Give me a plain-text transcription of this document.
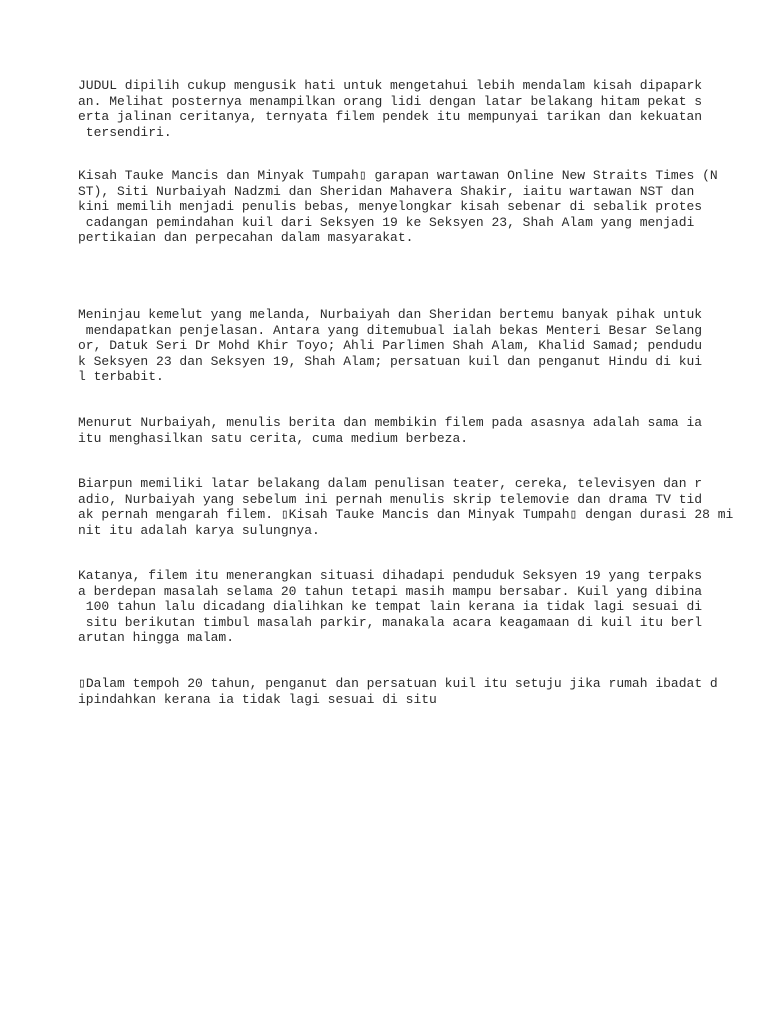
JUDUL dipilih cukup mengusik hati untuk mengetahui lebih mendalam kisah dipapark
an. Melihat posternya menampilkan orang lidi dengan latar belakang hitam pekat s
erta jalinan ceritanya, ternyata filem pendek itu mempunyai tarikan dan kekuatan
tersendiri.

Kisah Tauke Mancis dan Minyak Tumpah▯ garapan wartawan Online New Straits Times (N
ST), Siti Nurbaiyah Nadzmi dan Sheridan Mahavera Shakir, iaitu wartawan NST dan
kini memilih menjadi penulis bebas, menyelongkar kisah sebenar di sebalik protes
cadangan pemindahan kuil dari Seksyen 19 ke Seksyen 23, Shah Alam yang menjadi
pertikaian dan perpecahan dalam masyarakat.

Meninjau kemelut yang melanda, Nurbaiyah dan Sheridan bertemu banyak pihak untuk
mendapatkan penjelasan. Antara yang ditemubual ialah bekas Menteri Besar Selang
or, Datuk Seri Dr Mohd Khir Toyo; Ahli Parlimen Shah Alam, Khalid Samad; pendudu
k Seksyen 23 dan Seksyen 19, Shah Alam; persatuan kuil dan penganut Hindu di kui
l terbabit.

Menurut Nurbaiyah, menulis berita dan membikin filem pada asasnya adalah sama ia
itu menghasilkan satu cerita, cuma medium berbeza.

Biarpun memiliki latar belakang dalam penulisan teater, cereka, televisyen dan r
adio, Nurbaiyah yang sebelum ini pernah menulis skrip telemovie dan drama TV tid
ak pernah mengarah filem. ▯Kisah Tauke Mancis dan Minyak Tumpah▯ dengan durasi 28 mi
nit itu adalah karya sulungnya.

Katanya, filem itu menerangkan situasi dihadapi penduduk Seksyen 19 yang terpaks
a berdepan masalah selama 20 tahun tetapi masih mampu bersabar. Kuil yang dibina
100 tahun lalu dicadang dialihkan ke tempat lain kerana ia tidak lagi sesuai di
situ berikutan timbul masalah parkir, manakala acara keagamaan di kuil itu berl
arutan hingga malam.

▯Dalam tempoh 20 tahun, penganut dan persatuan kuil itu setuju jika rumah ibadat d
ipindahkan kerana ia tidak lagi sesuai di situ
